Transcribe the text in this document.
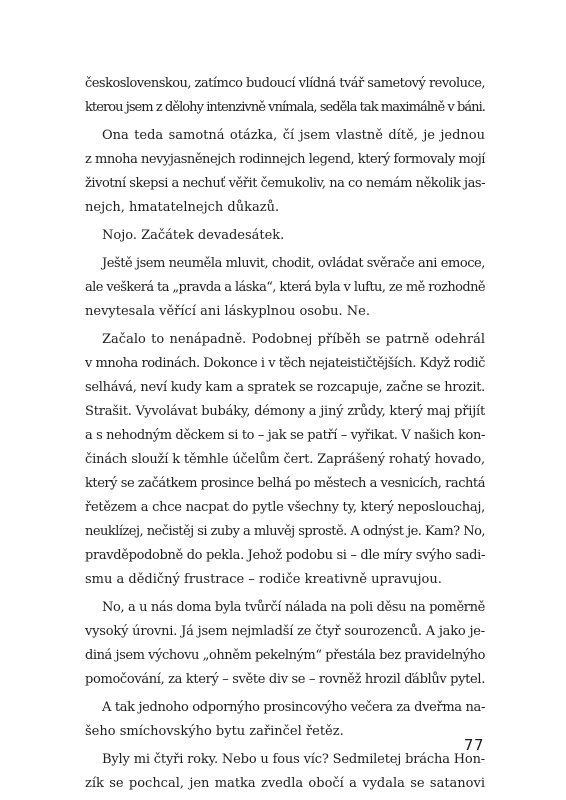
československou, zatímco budoucí vlídná tvář sametový revoluce,
kterou jsem z dělohy intenzivně vnímala, seděla tak maximálně v báni.
Ona teda samotná otázka, čí jsem vlastně dítě, je jednou
z mnoha nevyjasněnejch rodinnejch legend, který formovaly mojí
životní skepsi a nechuť věřit čemukoliv, na co nemám několik jas-
nejch, hmatatelnejch důkazů.
Nojo. Začátek devadesátek.
Ještě jsem neuměla mluvit, chodit, ovládat svěrače ani emoce,
ale veškerá ta „pravda a láska“, která byla v luftu, ze mě rozhodně
nevytesala věřící ani láskyplnou osobu. Ne.
Začalo to nenápadně. Podobnej příběh se patrně odehrál
v mnoha rodinách. Dokonce i v těch nejateističtějších. Když rodič
selhává, neví kudy kam a spratek se rozcapuje, začne se hrozit.
Strašit. Vyvolávat bubáky, démony a jiný zrůdy, který maj přijít
a s nehodným děckem si to – jak se patří – vyřikat. V našich kon-
činách slouží k těmhle účelům čert. Zaprášený rohatý hovado,
který se začátkem prosince belhá po městech a vesnicích, rachtá
řetězem a chce nacpat do pytle všechny ty, který neposlouchaj,
neuklízej, nečistěj si zuby a mluvěj sprostě. A odnýst je. Kam? No,
pravděpodobně do pekla. Jehož podobu si – dle míry svýho sadi-
smu a dědičný frustrace – rodiče kreativně upravujou.
No, a u nás doma byla tvůrčí nálada na poli děsu na poměrně
vysoký úrovni. Já jsem nejmladší ze čtyř sourozenců. A jako je-
diná jsem výchovu „ohněm pekelným“ přestála bez pravidelnýho
pomočování, za který – světe div se – rovněž hrozil ďáblův pytel.
A tak jednoho odpornýho prosincovýho večera za dveřma na-
šeho smíchovskýho bytu zařinčel řetěz.
Byly mi čtyři roky. Nebo u fous víc? Sedmiletej brácha Hon-
zík se pochcal, jen matka zvedla obočí a vydala se satanovi
77
